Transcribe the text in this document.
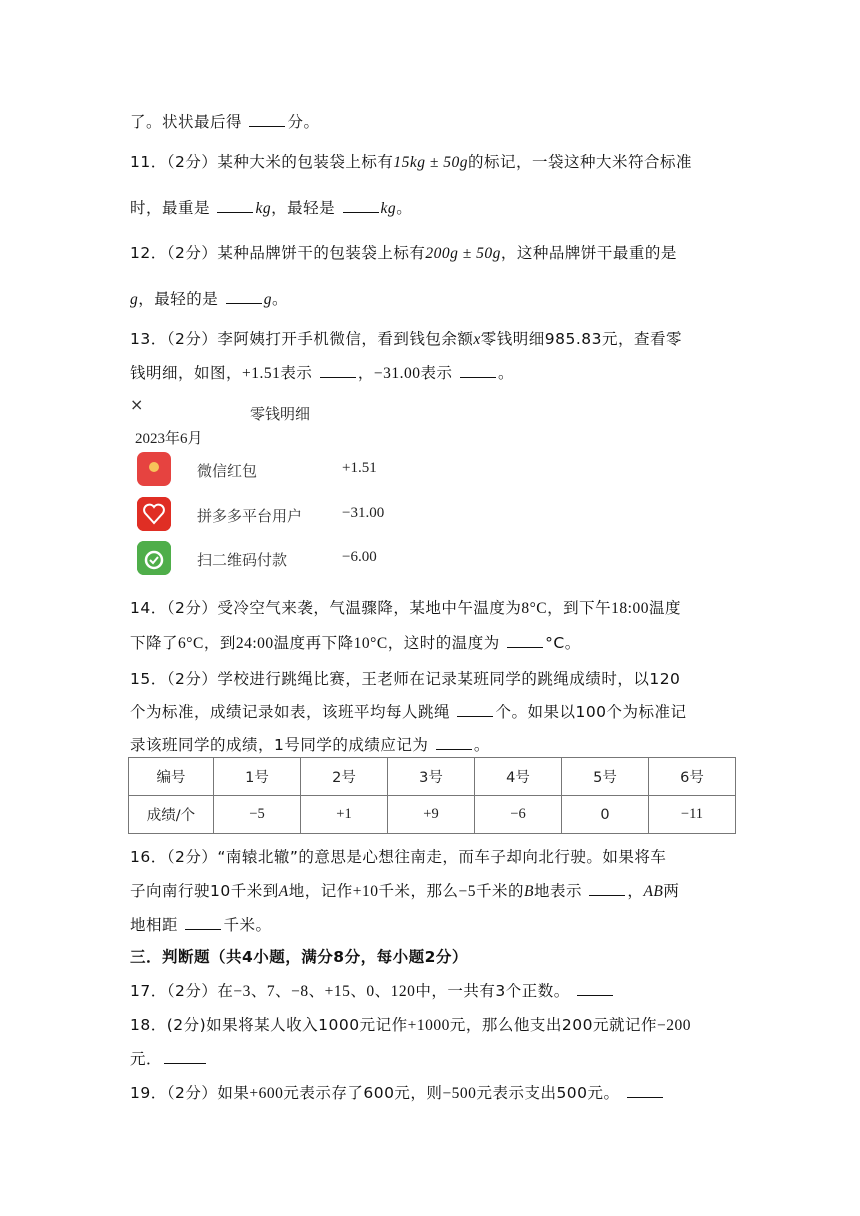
了。状状最后得	分。
11．（2分）某种大米的包装袋上标有15kg ± 50g的标记，一袋这种大米符合标准
时，最重是	kg，最轻是	kg。
12．（2分）某种品牌饼干的包装袋上标有200g ± 50g，这种品牌饼干最重的是
g，最轻的是	g。
13．（2分）李阿姨打开手机微信，看到钱包余额x零钱明细985.83元，查看零
钱明细，如图，+1.51表示	，−31.00表示	。
×	零钱明细
2023年6月
微信红包	+1.51
拼多多平台用户	−31.00
扫二维码付款	−6.00
14．（2分）受冷空气来袭，气温骤降，某地中午温度为8°C，到下午18:00温度
下降了6°C，到24:00温度再下降10°C，这时的温度为	°C。
15．（2分）学校进行跳绳比赛，王老师在记录某班同学的跳绳成绩时，以120
个为标准，成绩记录如表，该班平均每人跳绳	个。如果以100个为标准记
录该班同学的成绩，1号同学的成绩应记为	。
编号	1号	2号	3号	4号	5号	6号
成绩/个	−5	+1	+9	−6	0	−11
16．（2分）“南辕北辙”的意思是心想往南走，而车子却向北行驶。如果将车
子向南行驶10千米到A地，记作+10千米，那么−5千米的B地表示	，AB两
地相距	千米。
三．判断题（共4小题，满分8分，每小题2分）
17．（2分）在−3、7、−8、+15、0、120中，一共有3个正数。
18．(2分)如果将某人收入1000元记作+1000元，那么他支出200元就记作−200
元．
19．（2分）如果+600元表示存了600元，则−500元表示支出500元。
